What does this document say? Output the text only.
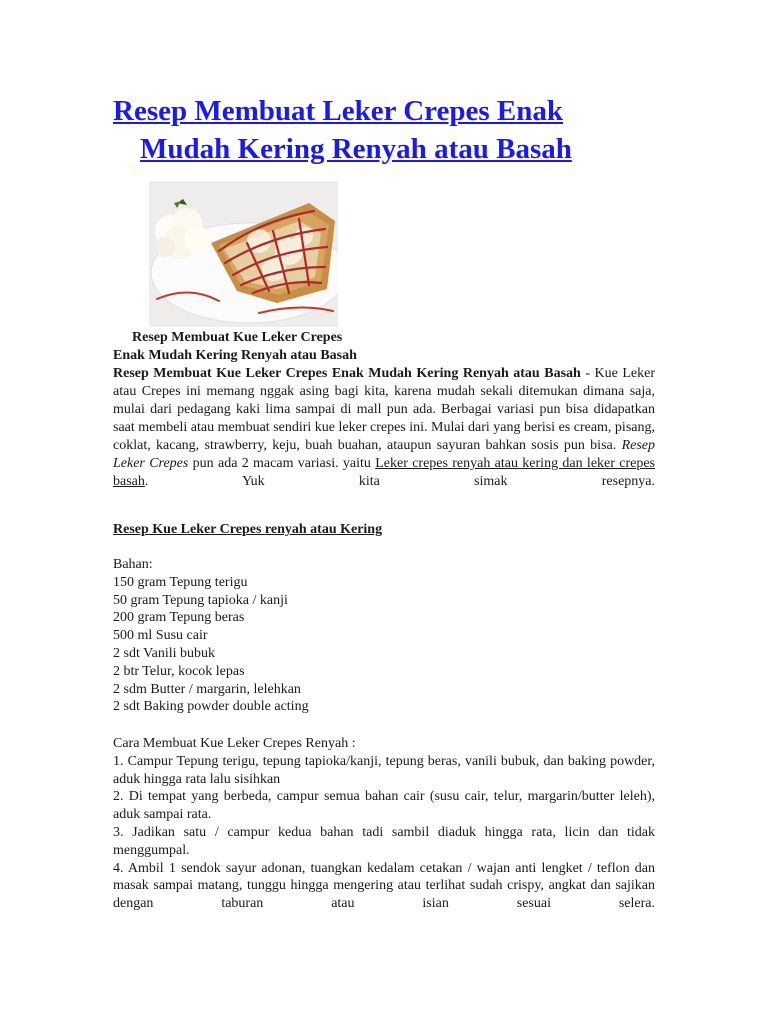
Resep Membuat Leker Crepes Enak
Mudah Kering Renyah atau Basah
Resep Membuat Kue Leker Crepes
Enak Mudah Kering Renyah atau Basah
Resep Membuat Kue Leker Crepes Enak Mudah Kering Renyah atau Basah - Kue Leker atau Crepes ini memang nggak asing bagi kita, karena mudah sekali ditemukan dimana saja, mulai dari pedagang kaki lima sampai di mall pun ada. Berbagai variasi pun bisa didapatkan saat membeli atau membuat sendiri kue leker crepes ini. Mulai dari yang berisi es cream, pisang, coklat, kacang, strawberry, keju, buah buahan, ataupun sayuran bahkan sosis pun bisa. Resep Leker Crepes pun ada 2 macam variasi. yaitu Leker crepes renyah atau kering dan leker crepes basah. Yuk kita simak resepnya.
Resep Kue Leker Crepes renyah atau Kering
Bahan:
150 gram Tepung terigu
50 gram Tepung tapioka / kanji
200 gram Tepung beras
500 ml Susu cair
2 sdt Vanili bubuk
2 btr Telur, kocok lepas
2 sdm Butter / margarin, lelehkan
2 sdt Baking powder double acting
Cara Membuat Kue Leker Crepes Renyah :
1. Campur Tepung terigu, tepung tapioka/kanji, tepung beras, vanili bubuk, dan baking powder, aduk hingga rata lalu sisihkan
2. Di tempat yang berbeda, campur semua bahan cair (susu cair, telur, margarin/butter leleh), aduk sampai rata.
3. Jadikan satu / campur kedua bahan tadi sambil diaduk hingga rata, licin dan tidak menggumpal.
4. Ambil 1 sendok sayur adonan, tuangkan kedalam cetakan / wajan anti lengket / teflon dan masak sampai matang, tunggu hingga mengering atau terlihat sudah crispy, angkat dan sajikan dengan taburan atau isian sesuai selera.
